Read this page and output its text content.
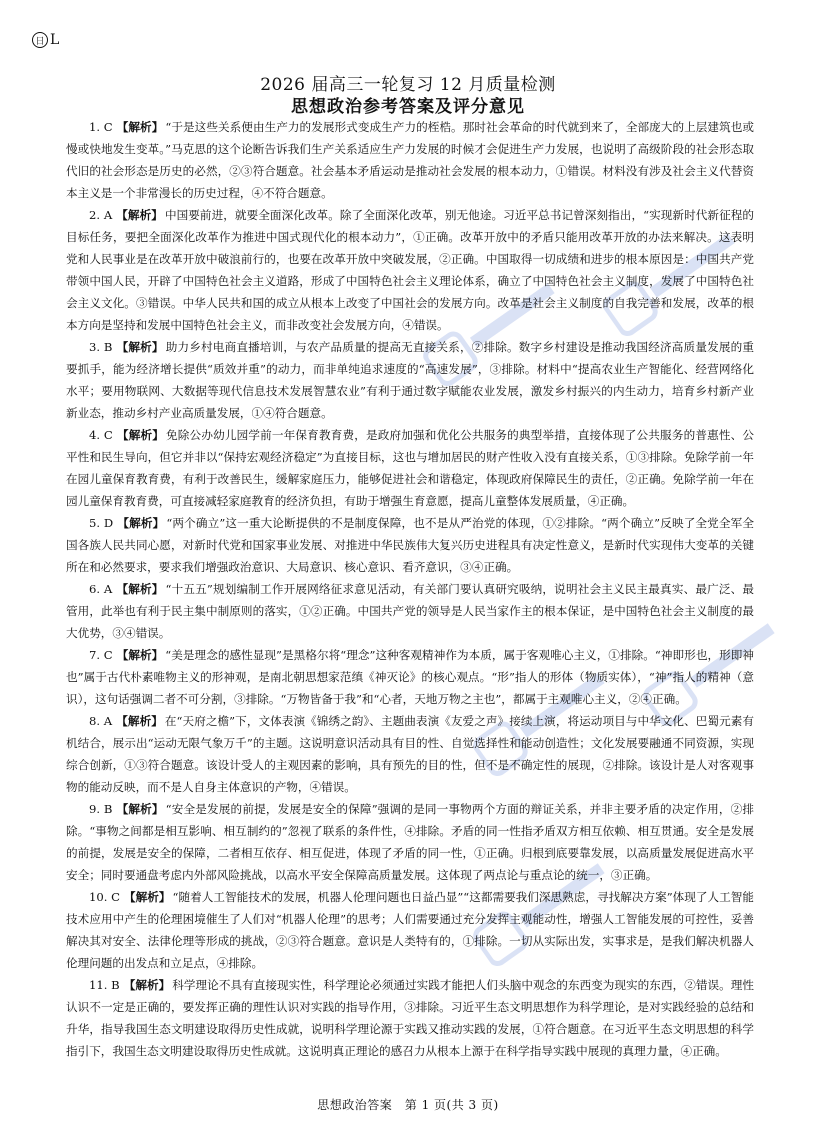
日 L
2026 届高三一轮复习 12 月质量检测
思想政治参考答案及评分意见

1. C 【解析】 “于是这些关系便由生产力的发展形式变成生产力的桎梏。那时社会革命的时代就到来了，全部庞大的上层建筑也或慢或快地发生变革。”马克思的这个论断告诉我们生产关系适应生产力发展的时候才会促进生产力发展，也说明了高级阶段的社会形态取代旧的社会形态是历史的必然，②③符合题意。社会基本矛盾运动是推动社会发展的根本动力，①错误。材料没有涉及社会主义代替资本主义是一个非常漫长的历史过程，④不符合题意。

2. A 【解析】 中国要前进，就要全面深化改革。除了全面深化改革，别无他途。习近平总书记曾深刻指出，“实现新时代新征程的目标任务，要把全面深化改革作为推进中国式现代化的根本动力”，①正确。改革开放中的矛盾只能用改革开放的办法来解决。这表明党和人民事业是在改革开放中破浪前行的，也要在改革开放中突破发展，②正确。中国取得一切成绩和进步的根本原因是：中国共产党带领中国人民，开辟了中国特色社会主义道路，形成了中国特色社会主义理论体系，确立了中国特色社会主义制度，发展了中国特色社会主义文化。③错误。中华人民共和国的成立从根本上改变了中国社会的发展方向。改革是社会主义制度的自我完善和发展，改革的根本方向是坚持和发展中国特色社会主义，而非改变社会发展方向，④错误。

3. B 【解析】 助力乡村电商直播培训，与农产品质量的提高无直接关系，②排除。数字乡村建设是推动我国经济高质量发展的重要抓手，能为经济增长提供“质效并重”的动力，而非单纯追求速度的“高速发展”，③排除。材料中“提高农业生产智能化、经营网络化水平；要用物联网、大数据等现代信息技术发展智慧农业”有利于通过数字赋能农业发展，激发乡村振兴的内生动力，培育乡村新产业新业态，推动乡村产业高质量发展，①④符合题意。

4. C 【解析】 免除公办幼儿园学前一年保育教育费，是政府加强和优化公共服务的典型举措，直接体现了公共服务的普惠性、公平性和民生导向，但它并非以“保持宏观经济稳定”为直接目标，这也与增加居民的财产性收入没有直接关系，①③排除。免除学前一年在园儿童保育教育费，有利于改善民生，缓解家庭压力，能够促进社会和谐稳定，体现政府保障民生的责任，②正确。免除学前一年在园儿童保育教育费，可直接减轻家庭教育的经济负担，有助于增强生育意愿，提高儿童整体发展质量，④正确。

5. D 【解析】 “两个确立”这一重大论断提供的不是制度保障，也不是从严治党的体现，①②排除。“两个确立”反映了全党全军全国各族人民共同心愿，对新时代党和国家事业发展、对推进中华民族伟大复兴历史进程具有决定性意义，是新时代实现伟大变革的关键所在和必然要求，要求我们增强政治意识、大局意识、核心意识、看齐意识，③④正确。

6. A 【解析】 “十五五”规划编制工作开展网络征求意见活动，有关部门要认真研究吸纳，说明社会主义民主最真实、最广泛、最管用，此举也有利于民主集中制原则的落实，①②正确。中国共产党的领导是人民当家作主的根本保证，是中国特色社会主义制度的最大优势，③④错误。

7. C 【解析】 “美是理念的感性显现”是黑格尔将“理念”这种客观精神作为本质，属于客观唯心主义，①排除。“神即形也，形即神也”属于古代朴素唯物主义的形神观，是南北朝思想家范缜《神灭论》的核心观点。“形”指人的形体（物质实体），“神”指人的精神（意识），这句话强调二者不可分割，③排除。“万物皆备于我”和“心者，天地万物之主也”，都属于主观唯心主义，②④正确。

8. A 【解析】 在“天府之檐”下，文体表演《锦绣之韵》、主题曲表演《友爱之声》接续上演，将运动项目与中华文化、巴蜀元素有机结合，展示出“运动无限气象万千”的主题。这说明意识活动具有目的性、自觉选择性和能动创造性；文化发展要融通不同资源，实现综合创新，①③符合题意。该设计受人的主观因素的影响，具有预先的目的性，但不是不确定性的展现，②排除。该设计是人对客观事物的能动反映，而不是人自身主体意识的产物，④错误。

9. B 【解析】 “安全是发展的前提，发展是安全的保障”强调的是同一事物两个方面的辩证关系，并非主要矛盾的决定作用，②排除。“事物之间都是相互影响、相互制约的”忽视了联系的条件性，④排除。矛盾的同一性指矛盾双方相互依赖、相互贯通。安全是发展的前提，发展是安全的保障，二者相互依存、相互促进，体现了矛盾的同一性，①正确。归根到底要靠发展，以高质量发展促进高水平安全；同时要通盘考虑内外部风险挑战，以高水平安全保障高质量发展。这体现了两点论与重点论的统一，③正确。

10. C 【解析】 “随着人工智能技术的发展，机器人伦理问题也日益凸显”“这都需要我们深思熟虑，寻找解决方案”体现了人工智能技术应用中产生的伦理困境催生了人们对“机器人伦理”的思考；人们需要通过充分发挥主观能动性，增强人工智能发展的可控性，妥善解决其对安全、法律伦理等形成的挑战，②③符合题意。意识是人类特有的，①排除。一切从实际出发，实事求是，是我们解决机器人伦理问题的出发点和立足点，④排除。

11. B 【解析】 科学理论不具有直接现实性，科学理论必须通过实践才能把人们头脑中观念的东西变为现实的东西，②错误。理性认识不一定是正确的，要发挥正确的理性认识对实践的指导作用，③排除。习近平生态文明思想作为科学理论，是对实践经验的总结和升华，指导我国生态文明建设取得历史性成就，说明科学理论源于实践又推动实践的发展，①符合题意。在习近平生态文明思想的科学指引下，我国生态文明建设取得历史性成就。这说明真正理论的感召力从根本上源于在科学指导实践中展现的真理力量，④正确。

思想政治答案　第 1 页(共 3 页)
